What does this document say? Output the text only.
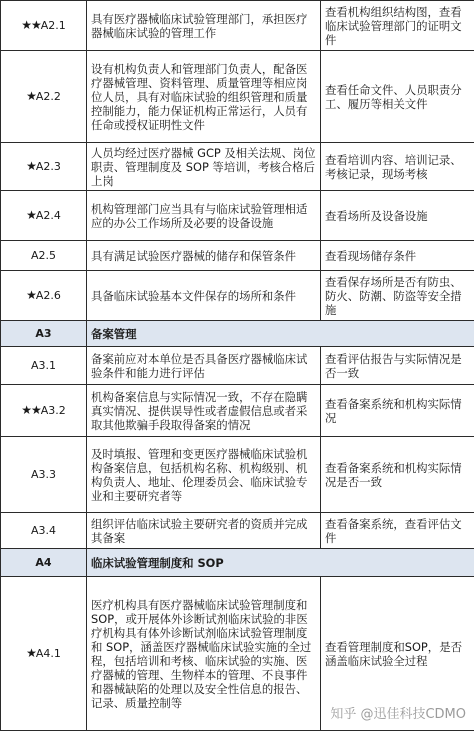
★★A2.1	具有医疗器械临床试验管理部门，承担医疗器械临床试验的管理工作	查看机构组织结构图，查看临床试验管理部门的证明文件
★A2.2	设有机构负责人和管理部门负责人，配备医疗器械管理、资料管理、质量管理等相应岗位人员，具有对临床试验的组织管理和质量控制能力，能力保证机构正常运行，人员有任命或授权证明性文件	查看任命文件、人员职责分工、履历等相关文件
★A2.3	人员均经过医疗器械 GCP 及相关法规、岗位职责、管理制度及 SOP 等培训，考核合格后上岗	查看培训内容、培训记录、考核记录，现场考核
★A2.4	机构管理部门应当具有与临床试验管理相适应的办公工作场所及必要的设备设施	查看场所及设备设施
A2.5	具有满足试验医疗器械的储存和保管条件	查看现场储存条件
★A2.6	具备临床试验基本文件保存的场所和条件	查看保存场所是否有防虫、防火、防潮、防盗等安全措施
A3	备案管理	
A3.1	备案前应对本单位是否具备医疗器械临床试验条件和能力进行评估	查看评估报告与实际情况是否一致
★★A3.2	机构备案信息与实际情况一致，不存在隐瞒真实情况、提供误导性或者虚假信息或者采取其他欺骗手段取得备案的情况	查看备案系统和机构实际情况
A3.3	及时填报、管理和变更医疗器械临床试验机构备案信息，包括机构名称、机构级别、机构负责人、地址、伦理委员会、临床试验专业和主要研究者等	查看备案系统和机构实际情况是否一致
A3.4	组织评估临床试验主要研究者的资质并完成其备案	查看备案系统，查看评估文件
A4	临床试验管理制度和 SOP	
★A4.1	医疗机构具有医疗器械临床试验管理制度和 SOP，或开展体外诊断试剂临床试验的非医疗机构具有体外诊断试剂临床试验管理制度和 SOP，涵盖医疗器械临床试验实施的全过程，包括培训和考核、临床试验的实施、医疗器械的管理、生物样本的管理、不良事件和器械缺陷的处理以及安全性信息的报告、记录、质量控制等	查看管理制度和SOP，是否涵盖临床试验全过程
知乎 @迅佳科技CDMO
